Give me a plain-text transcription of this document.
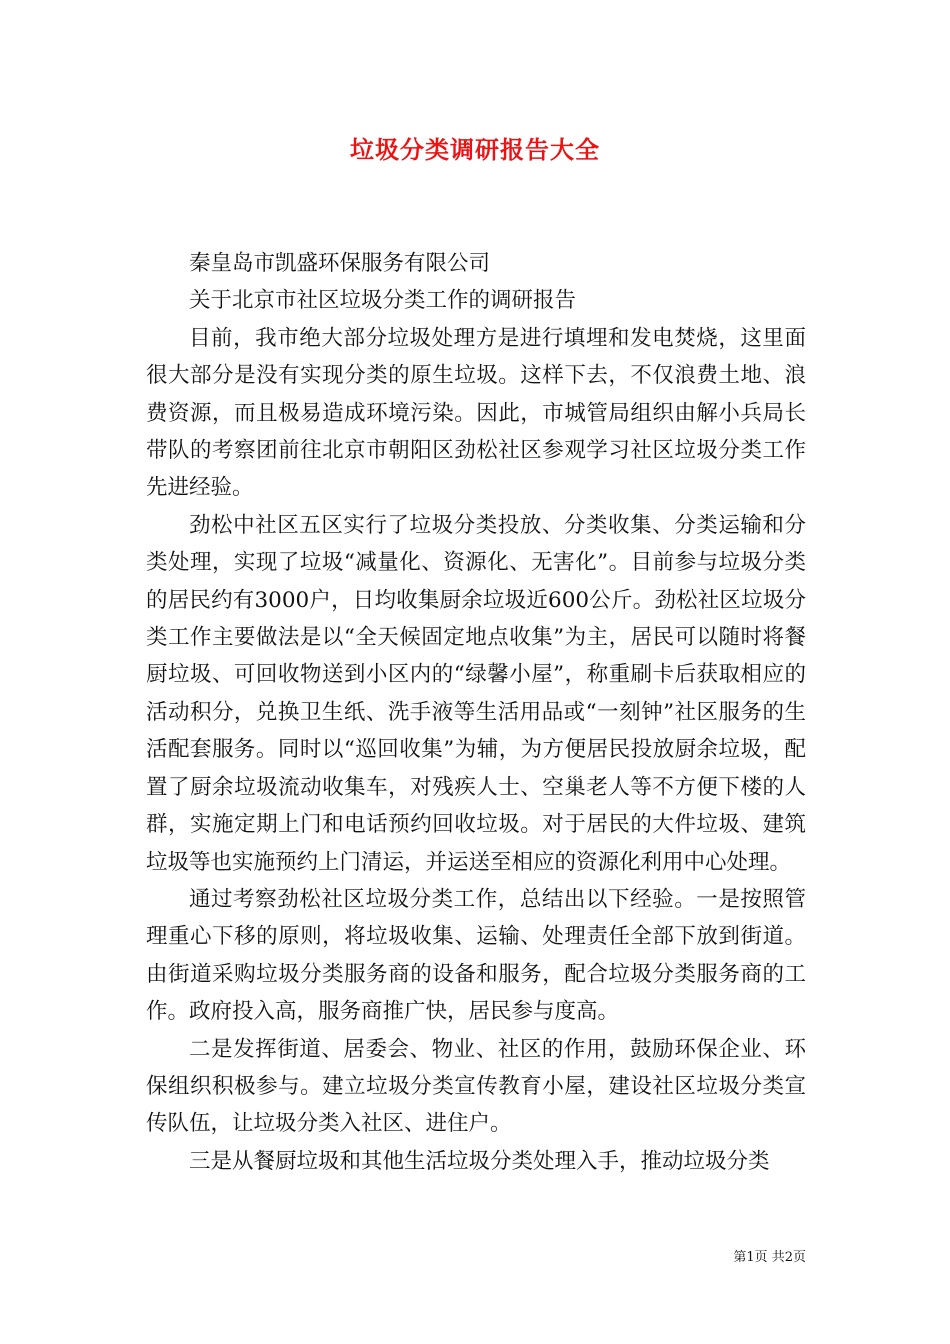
垃圾分类调研报告大全

秦皇岛市凯盛环保服务有限公司

关于北京市社区垃圾分类工作的调研报告

目前，我市绝大部分垃圾处理方是进行填埋和发电焚烧，这里面很大部分是没有实现分类的原生垃圾。这样下去，不仅浪费土地、浪费资源，而且极易造成环境污染。因此，市城管局组织由解小兵局长带队的考察团前往北京市朝阳区劲松社区参观学习社区垃圾分类工作先进经验。

劲松中社区五区实行了垃圾分类投放、分类收集、分类运输和分类处理，实现了垃圾“减量化、资源化、无害化”。目前参与垃圾分类的居民约有3000户，日均收集厨余垃圾近600公斤。劲松社区垃圾分类工作主要做法是以“全天候固定地点收集”为主，居民可以随时将餐厨垃圾、可回收物送到小区内的“绿馨小屋”，称重刷卡后获取相应的活动积分，兑换卫生纸、洗手液等生活用品或“一刻钟”社区服务的生活配套服务。同时以“巡回收集”为辅，为方便居民投放厨余垃圾，配置了厨余垃圾流动收集车，对残疾人士、空巢老人等不方便下楼的人群，实施定期上门和电话预约回收垃圾。对于居民的大件垃圾、建筑垃圾等也实施预约上门清运，并运送至相应的资源化利用中心处理。

通过考察劲松社区垃圾分类工作，总结出以下经验。一是按照管理重心下移的原则，将垃圾收集、运输、处理责任全部下放到街道。由街道采购垃圾分类服务商的设备和服务，配合垃圾分类服务商的工作。政府投入高，服务商推广快，居民参与度高。

二是发挥街道、居委会、物业、社区的作用，鼓励环保企业、环保组织积极参与。建立垃圾分类宣传教育小屋，建设社区垃圾分类宣传队伍，让垃圾分类入社区、进住户。

三是从餐厨垃圾和其他生活垃圾分类处理入手，推动垃圾分类

第1页 共2页
